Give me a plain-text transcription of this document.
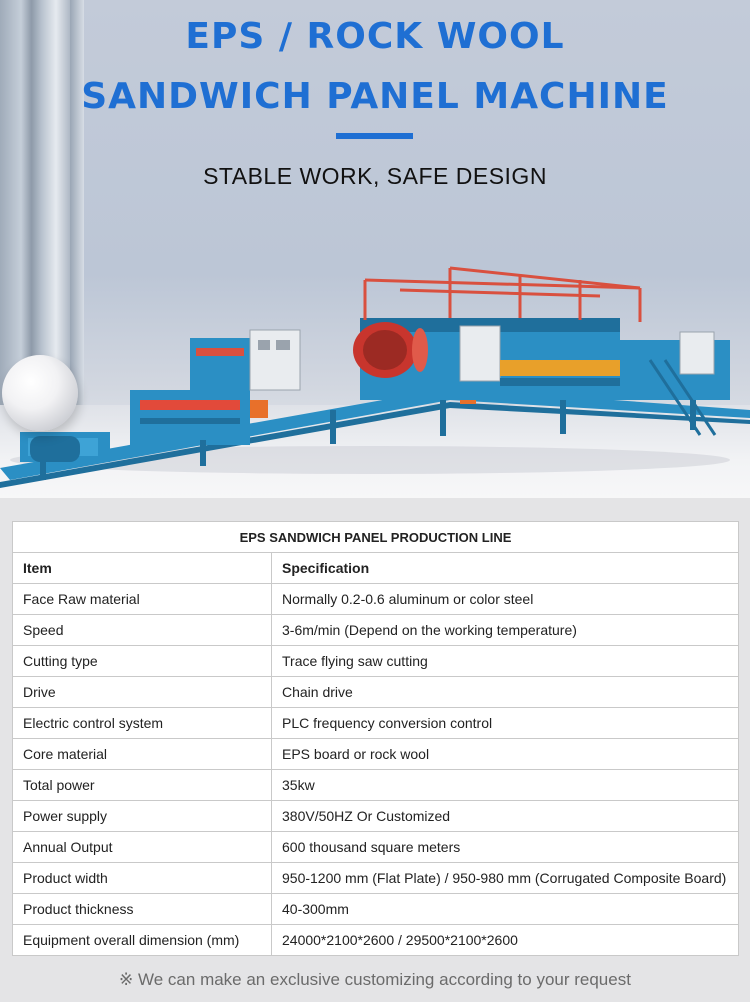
EPS / ROCK WOOL
SANDWICH PANEL MACHINE
STABLE WORK, SAFE DESIGN
EPS SANDWICH PANEL PRODUCTION LINE	
Item	Specification
Face Raw material	Normally 0.2-0.6 aluminum or color steel
Speed	3-6m/min (Depend on the working temperature)
Cutting type	Trace flying saw cutting
Drive	Chain drive
Electric control system	PLC frequency conversion control
Core material	EPS board or rock wool
Total power	35kw
Power supply	380V/50HZ Or Customized
Annual Output	600 thousand square meters
Product width	950-1200 mm (Flat Plate) / 950-980 mm (Corrugated Composite Board)
Product thickness	40-300mm
Equipment overall dimension (mm)	24000*2100*2600 / 29500*2100*2600
※ We can make an exclusive customizing according to your request
